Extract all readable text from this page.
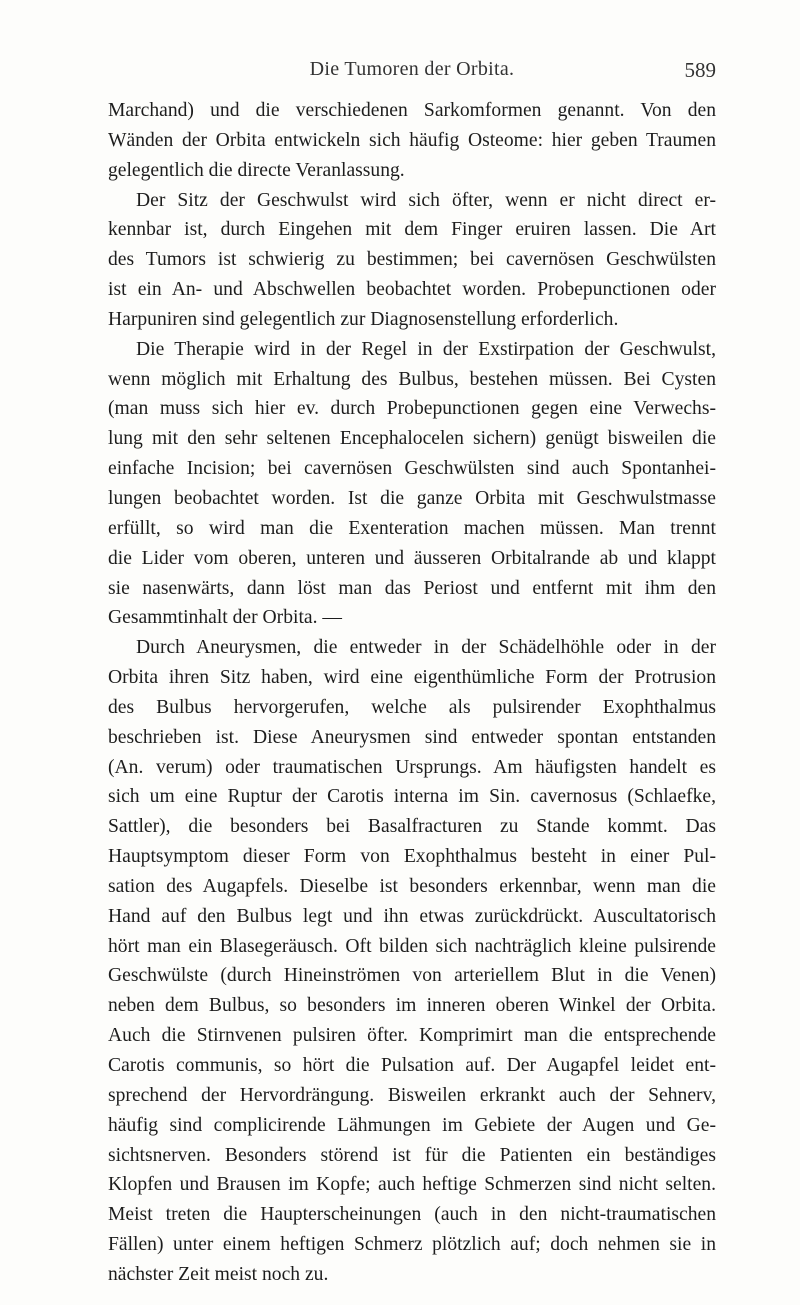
Die Tumoren der Orbita.	589
Marchand) und die verschiedenen Sarkomformen genannt. Von den
Wänden der Orbita entwickeln sich häufig Osteome: hier geben Traumen
gelegentlich die directe Veranlassung.
Der Sitz der Geschwulst wird sich öfter, wenn er nicht direct er-
kennbar ist, durch Eingehen mit dem Finger eruiren lassen. Die Art
des Tumors ist schwierig zu bestimmen; bei cavernösen Geschwülsten
ist ein An- und Abschwellen beobachtet worden. Probepunctionen oder
Harpuniren sind gelegentlich zur Diagnosenstellung erforderlich.
Die Therapie wird in der Regel in der Exstirpation der Geschwulst,
wenn möglich mit Erhaltung des Bulbus, bestehen müssen. Bei Cysten
(man muss sich hier ev. durch Probepunctionen gegen eine Verwechs-
lung mit den sehr seltenen Encephalocelen sichern) genügt bisweilen die
einfache Incision; bei cavernösen Geschwülsten sind auch Spontanhei-
lungen beobachtet worden. Ist die ganze Orbita mit Geschwulstmasse
erfüllt, so wird man die Exenteration machen müssen. Man trennt
die Lider vom oberen, unteren und äusseren Orbitalrande ab und klappt
sie nasenwärts, dann löst man das Periost und entfernt mit ihm den
Gesammtinhalt der Orbita. —
Durch Aneurysmen, die entweder in der Schädelhöhle oder in der
Orbita ihren Sitz haben, wird eine eigenthümliche Form der Protrusion
des Bulbus hervorgerufen, welche als pulsirender Exophthalmus
beschrieben ist. Diese Aneurysmen sind entweder spontan entstanden
(An. verum) oder traumatischen Ursprungs. Am häufigsten handelt es
sich um eine Ruptur der Carotis interna im Sin. cavernosus (Schlaefke,
Sattler), die besonders bei Basalfracturen zu Stande kommt. Das
Hauptsymptom dieser Form von Exophthalmus besteht in einer Pul-
sation des Augapfels. Dieselbe ist besonders erkennbar, wenn man die
Hand auf den Bulbus legt und ihn etwas zurückdrückt. Auscultatorisch
hört man ein Blasegeräusch. Oft bilden sich nachträglich kleine pulsirende
Geschwülste (durch Hineinströmen von arteriellem Blut in die Venen)
neben dem Bulbus, so besonders im inneren oberen Winkel der Orbita.
Auch die Stirnvenen pulsiren öfter. Komprimirt man die entsprechende
Carotis communis, so hört die Pulsation auf. Der Augapfel leidet ent-
sprechend der Hervordrängung. Bisweilen erkrankt auch der Sehnerv,
häufig sind complicirende Lähmungen im Gebiete der Augen und Ge-
sichtsnerven. Besonders störend ist für die Patienten ein beständiges
Klopfen und Brausen im Kopfe; auch heftige Schmerzen sind nicht selten.
Meist treten die Haupterscheinungen (auch in den nicht-traumatischen
Fällen) unter einem heftigen Schmerz plötzlich auf; doch nehmen sie in
nächster Zeit meist noch zu.
